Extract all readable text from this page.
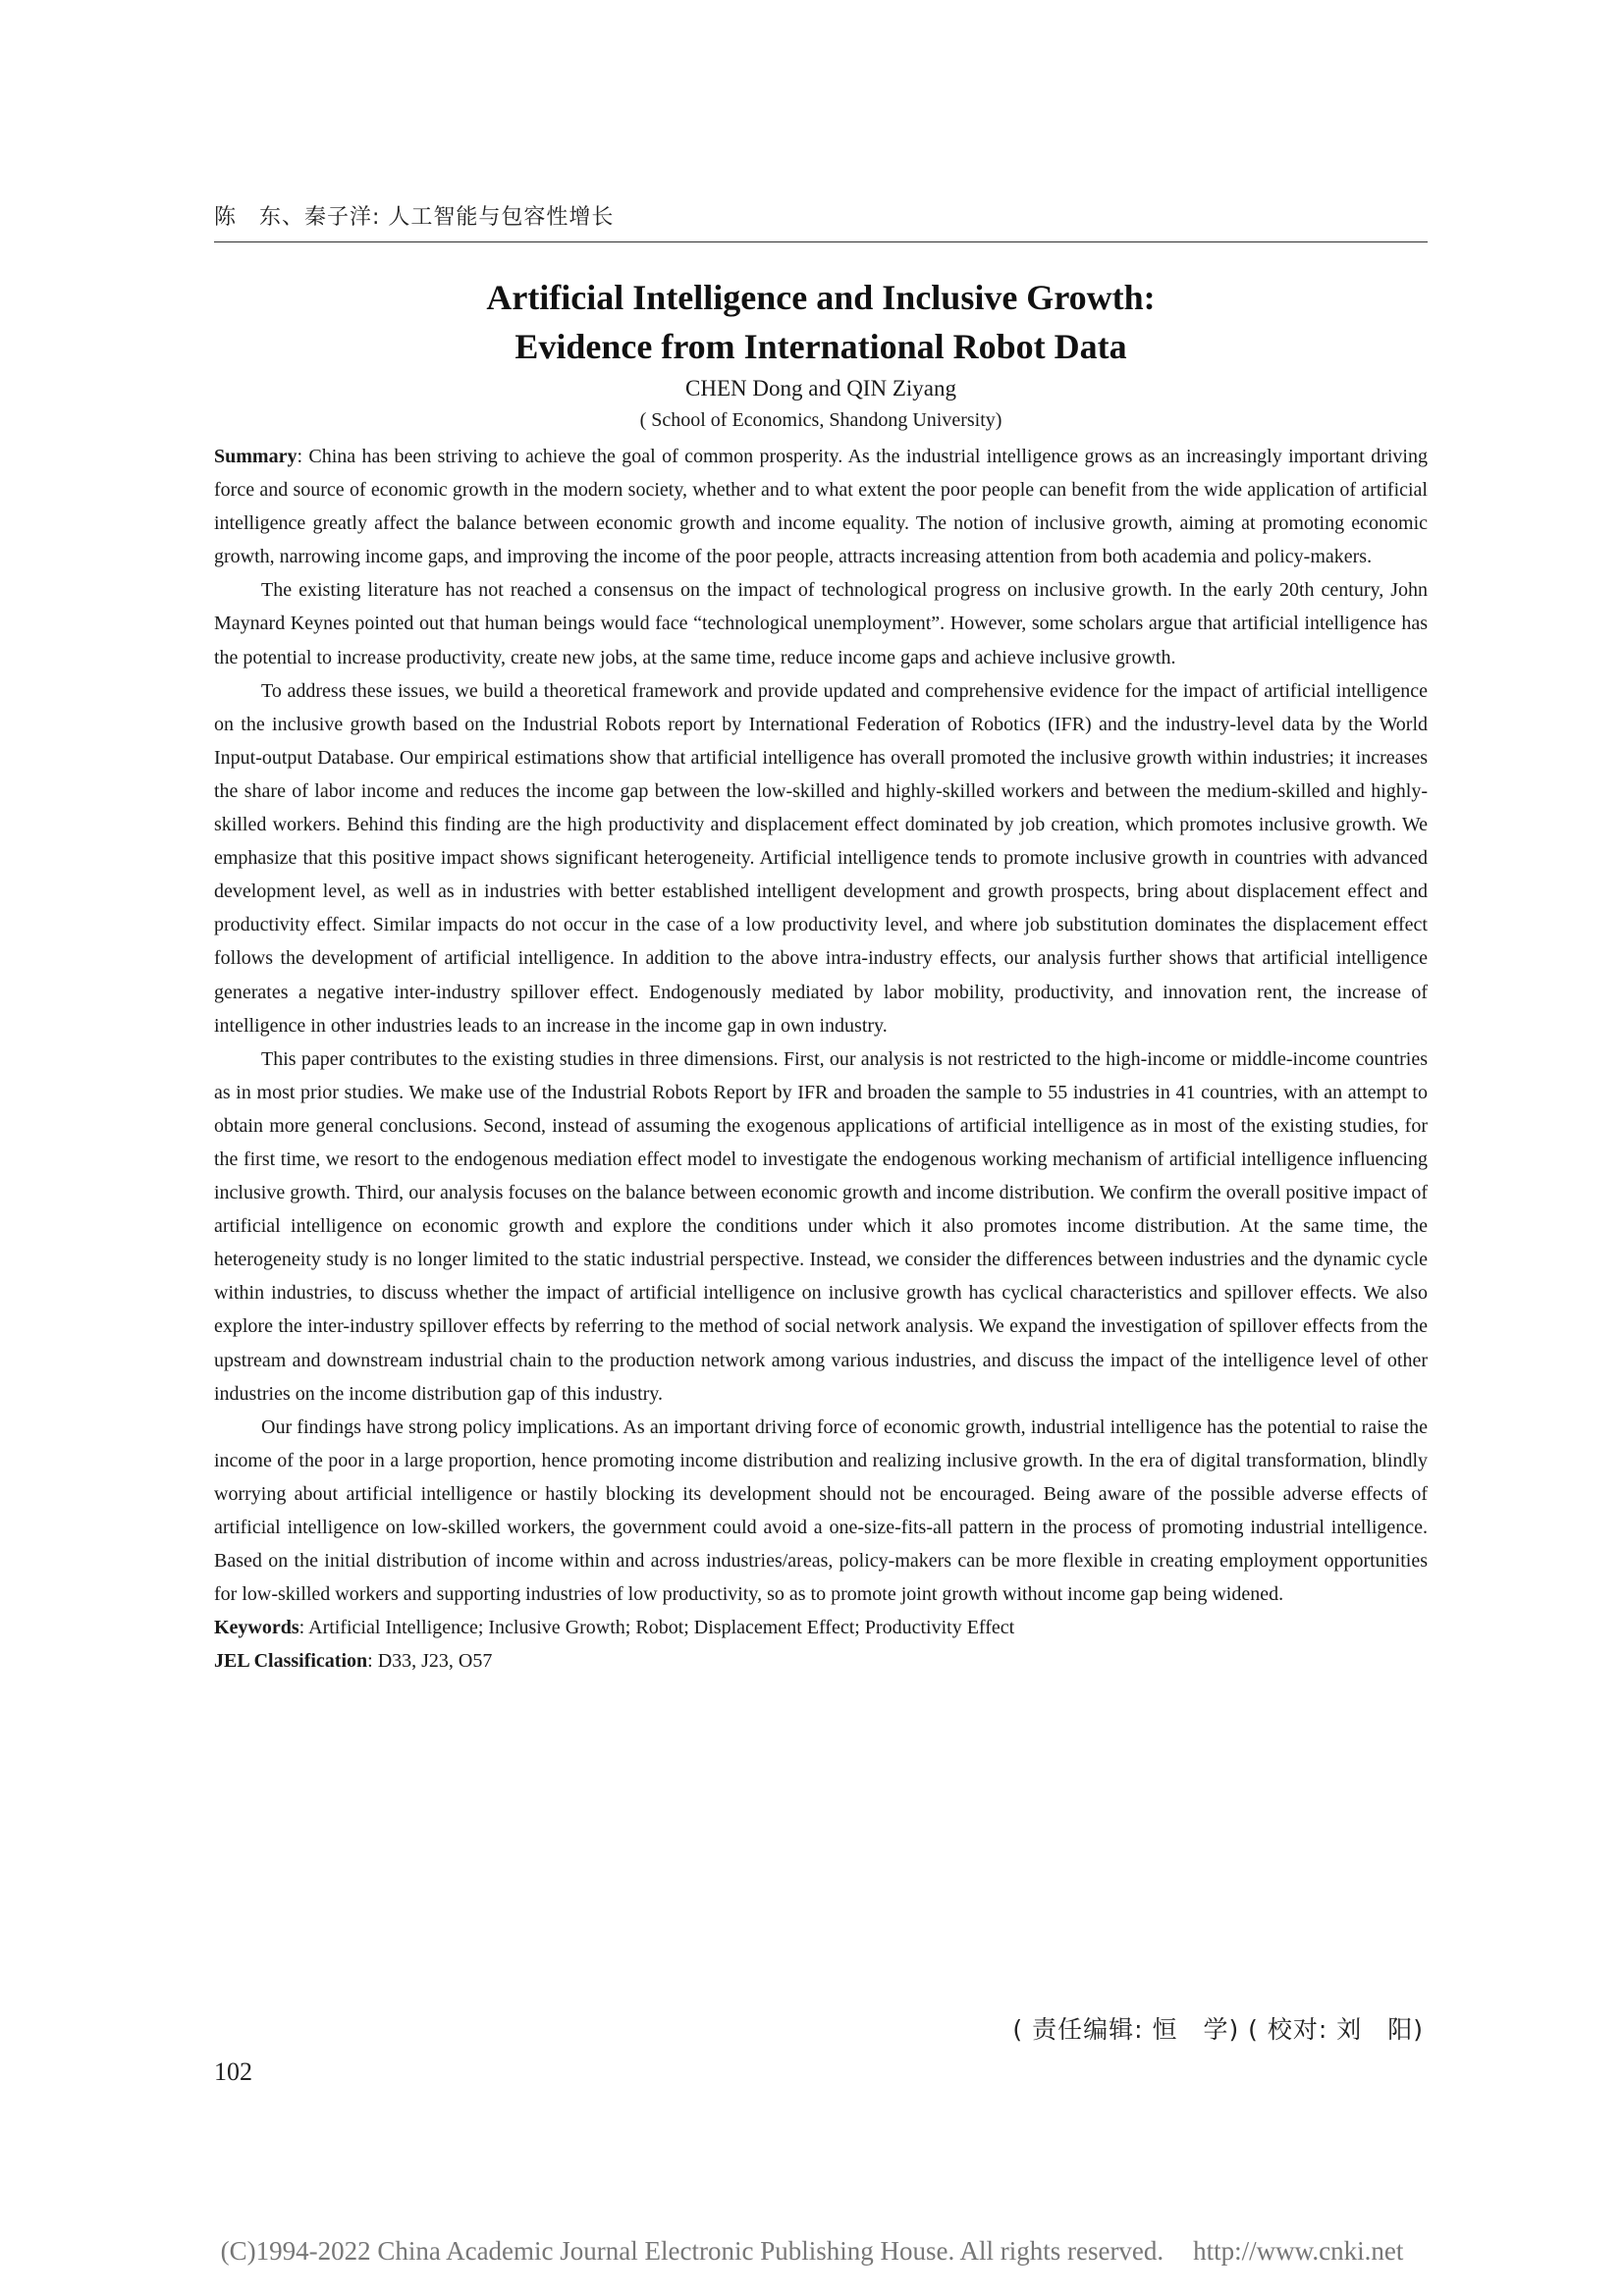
陈　东、秦子洋: 人工智能与包容性增长
Artificial Intelligence and Inclusive Growth:
Evidence from International Robot Data
CHEN Dong and QIN Ziyang
( School of Economics, Shandong University)

Summary: China has been striving to achieve the goal of common prosperity. As the industrial intelligence grows as an increasingly important driving force and source of economic growth in the modern society, whether and to what extent the poor people can benefit from the wide application of artificial intelligence greatly affect the balance between economic growth and income equality. The notion of inclusive growth, aiming at promoting economic growth, narrowing income gaps, and improving the income of the poor people, attracts increasing attention from both academia and policy-makers.

The existing literature has not reached a consensus on the impact of technological progress on inclusive growth. In the early 20th century, John Maynard Keynes pointed out that human beings would face “technological unemployment”. However, some scholars argue that artificial intelligence has the potential to increase productivity, create new jobs, at the same time, reduce income gaps and achieve inclusive growth.

To address these issues, we build a theoretical framework and provide updated and comprehensive evidence for the impact of artificial intelligence on the inclusive growth based on the Industrial Robots report by International Federation of Robotics (IFR) and the industry-level data by the World Input-output Database. Our empirical estimations show that artificial intelligence has overall promoted the inclusive growth within industries; it increases the share of labor income and reduces the income gap between the low-skilled and highly-skilled workers and between the medium-skilled and highly-skilled workers. Behind this finding are the high productivity and displacement effect dominated by job creation, which promotes inclusive growth. We emphasize that this positive impact shows significant heterogeneity. Artificial intelligence tends to promote inclusive growth in countries with advanced development level, as well as in industries with better established intelligent development and growth prospects, bring about displacement effect and productivity effect. Similar impacts do not occur in the case of a low productivity level, and where job substitution dominates the displacement effect follows the development of artificial intelligence. In addition to the above intra-industry effects, our analysis further shows that artificial intelligence generates a negative inter-industry spillover effect. Endogenously mediated by labor mobility, productivity, and innovation rent, the increase of intelligence in other industries leads to an increase in the income gap in own industry.

This paper contributes to the existing studies in three dimensions. First, our analysis is not restricted to the high-income or middle-income countries as in most prior studies. We make use of the Industrial Robots Report by IFR and broaden the sample to 55 industries in 41 countries, with an attempt to obtain more general conclusions. Second, instead of assuming the exogenous applications of artificial intelligence as in most of the existing studies, for the first time, we resort to the endogenous mediation effect model to investigate the endogenous working mechanism of artificial intelligence influencing inclusive growth. Third, our analysis focuses on the balance between economic growth and income distribution. We confirm the overall positive impact of artificial intelligence on economic growth and explore the conditions under which it also promotes income distribution. At the same time, the heterogeneity study is no longer limited to the static industrial perspective. Instead, we consider the differences between industries and the dynamic cycle within industries, to discuss whether the impact of artificial intelligence on inclusive growth has cyclical characteristics and spillover effects. We also explore the inter-industry spillover effects by referring to the method of social network analysis. We expand the investigation of spillover effects from the upstream and downstream industrial chain to the production network among various industries, and discuss the impact of the intelligence level of other industries on the income distribution gap of this industry.

Our findings have strong policy implications. As an important driving force of economic growth, industrial intelligence has the potential to raise the income of the poor in a large proportion, hence promoting income distribution and realizing inclusive growth. In the era of digital transformation, blindly worrying about artificial intelligence or hastily blocking its development should not be encouraged. Being aware of the possible adverse effects of artificial intelligence on low-skilled workers, the government could avoid a one-size-fits-all pattern in the process of promoting industrial intelligence. Based on the initial distribution of income within and across industries/areas, policy-makers can be more flexible in creating employment opportunities for low-skilled workers and supporting industries of low productivity, so as to promote joint growth without income gap being widened.

Keywords: Artificial Intelligence; Inclusive Growth; Robot; Displacement Effect; Productivity Effect

JEL Classification: D33, J23, O57

( 责任编辑: 恒　学) ( 校对: 刘　阳)
102
(C)1994-2022 China Academic Journal Electronic Publishing House. All rights reserved. http://www.cnki.net
